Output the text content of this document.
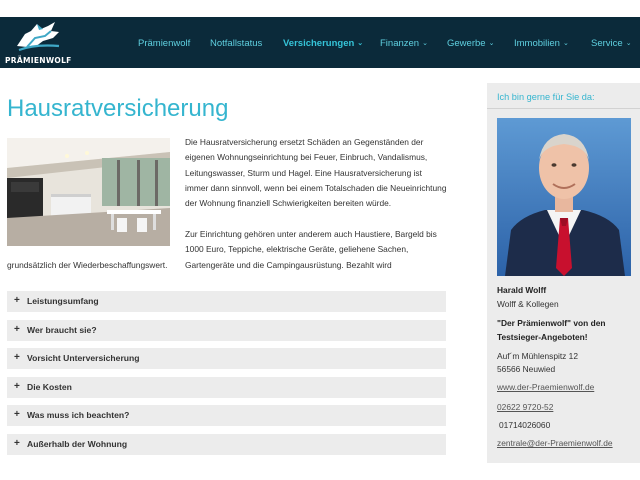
PRÄMIENWOLF
Prämienwolf Notfallstatus Versicherungen ⌄ Finanzen ⌄ Gewerbe ⌄ Immobilien ⌄ Service ⌄
Hausratversicherung
Die Hausratversicherung ersetzt Schäden an Gegenständen der eigenen Wohnungseinrichtung bei Feuer, Einbruch, Vandalismus, Leitungswasser, Sturm und Hagel. Eine Hausratversicherung ist immer dann sinnvoll, wenn bei einem Totalschaden die Neueinrichtung der Wohnung finanziell Schwierigkeiten bereiten würde.
Zur Einrichtung gehören unter anderem auch Haustiere, Bargeld bis 1000 Euro, Teppiche, elektrische Geräte, geliehene Sachen, Gartengeräte und die Campingausrüstung. Bezahlt wird
grundsätzlich der Wiederbeschaffungswert.
+ Leistungsumfang
+ Wer braucht sie?
+ Vorsicht Unterversicherung
+ Die Kosten
+ Was muss ich beachten?
+ Außerhalb der Wohnung
Ich bin gerne für Sie da:
Harald Wolff
Wolff & Kollegen
"Der Prämienwolf" von den Testsieger-Angeboten!
Auf´m Mühlenspitz 12
56566 Neuwied
www.der-Praemienwolf.de
02622 9720-52
01714026060
zentrale@der-Praemienwolf.de
